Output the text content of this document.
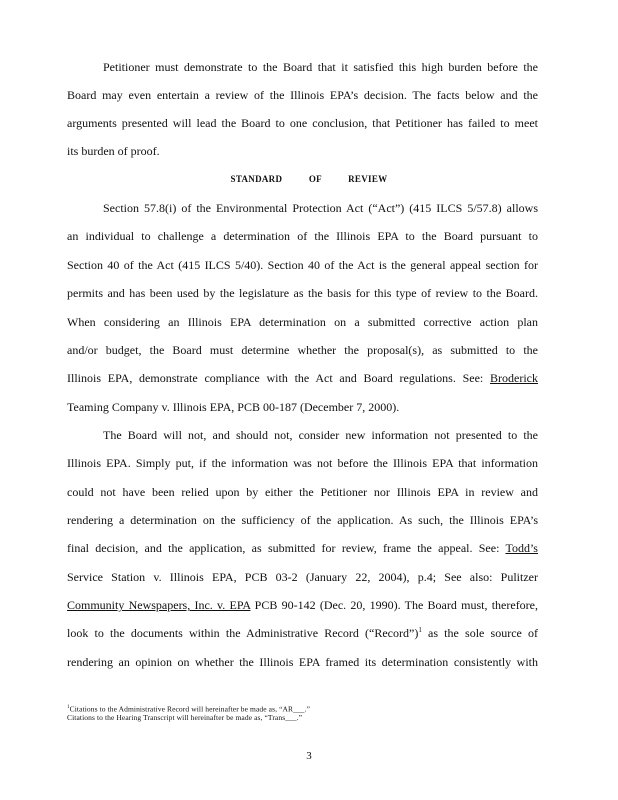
Petitioner must demonstrate to the Board that it satisfied this high burden before the
Board may even entertain a review of the Illinois EPA’s decision. The facts below and the
arguments presented will lead the Board to one conclusion, that Petitioner has failed to meet
its burden of proof.
STANDARD OF REVIEW
Section 57.8(i) of the Environmental Protection Act (“Act”) (415 ILCS 5/57.8) allows
an individual to challenge a determination of the Illinois EPA to the Board pursuant to
Section 40 of the Act (415 ILCS 5/40). Section 40 of the Act is the general appeal section for
permits and has been used by the legislature as the basis for this type of review to the Board.
When considering an Illinois EPA determination on a submitted corrective action plan
and/or budget, the Board must determine whether the proposal(s), as submitted to the
Illinois EPA, demonstrate compliance with the Act and Board regulations. See: Broderick
Teaming Company v. Illinois EPA, PCB 00-187 (December 7, 2000).
The Board will not, and should not, consider new information not presented to the
Illinois EPA. Simply put, if the information was not before the Illinois EPA that information
could not have been relied upon by either the Petitioner nor Illinois EPA in review and
rendering a determination on the sufficiency of the application. As such, the Illinois EPA’s
final decision, and the application, as submitted for review, frame the appeal. See: Todd’s
Service Station v. Illinois EPA, PCB 03-2 (January 22, 2004), p.4; See also: Pulitzer
Community Newspapers, Inc. v. EPA PCB 90-142 (Dec. 20, 1990). The Board must, therefore,
look to the documents within the Administrative Record (“Record”)$^1$ as the sole source of
rendering an opinion on whether the Illinois EPA framed its determination consistently with
$^1$Citations to the Administrative Record will hereinafter be made as, “AR___.”
Citations to the Hearing Transcript will hereinafter be made as, “Trans___.”
3
